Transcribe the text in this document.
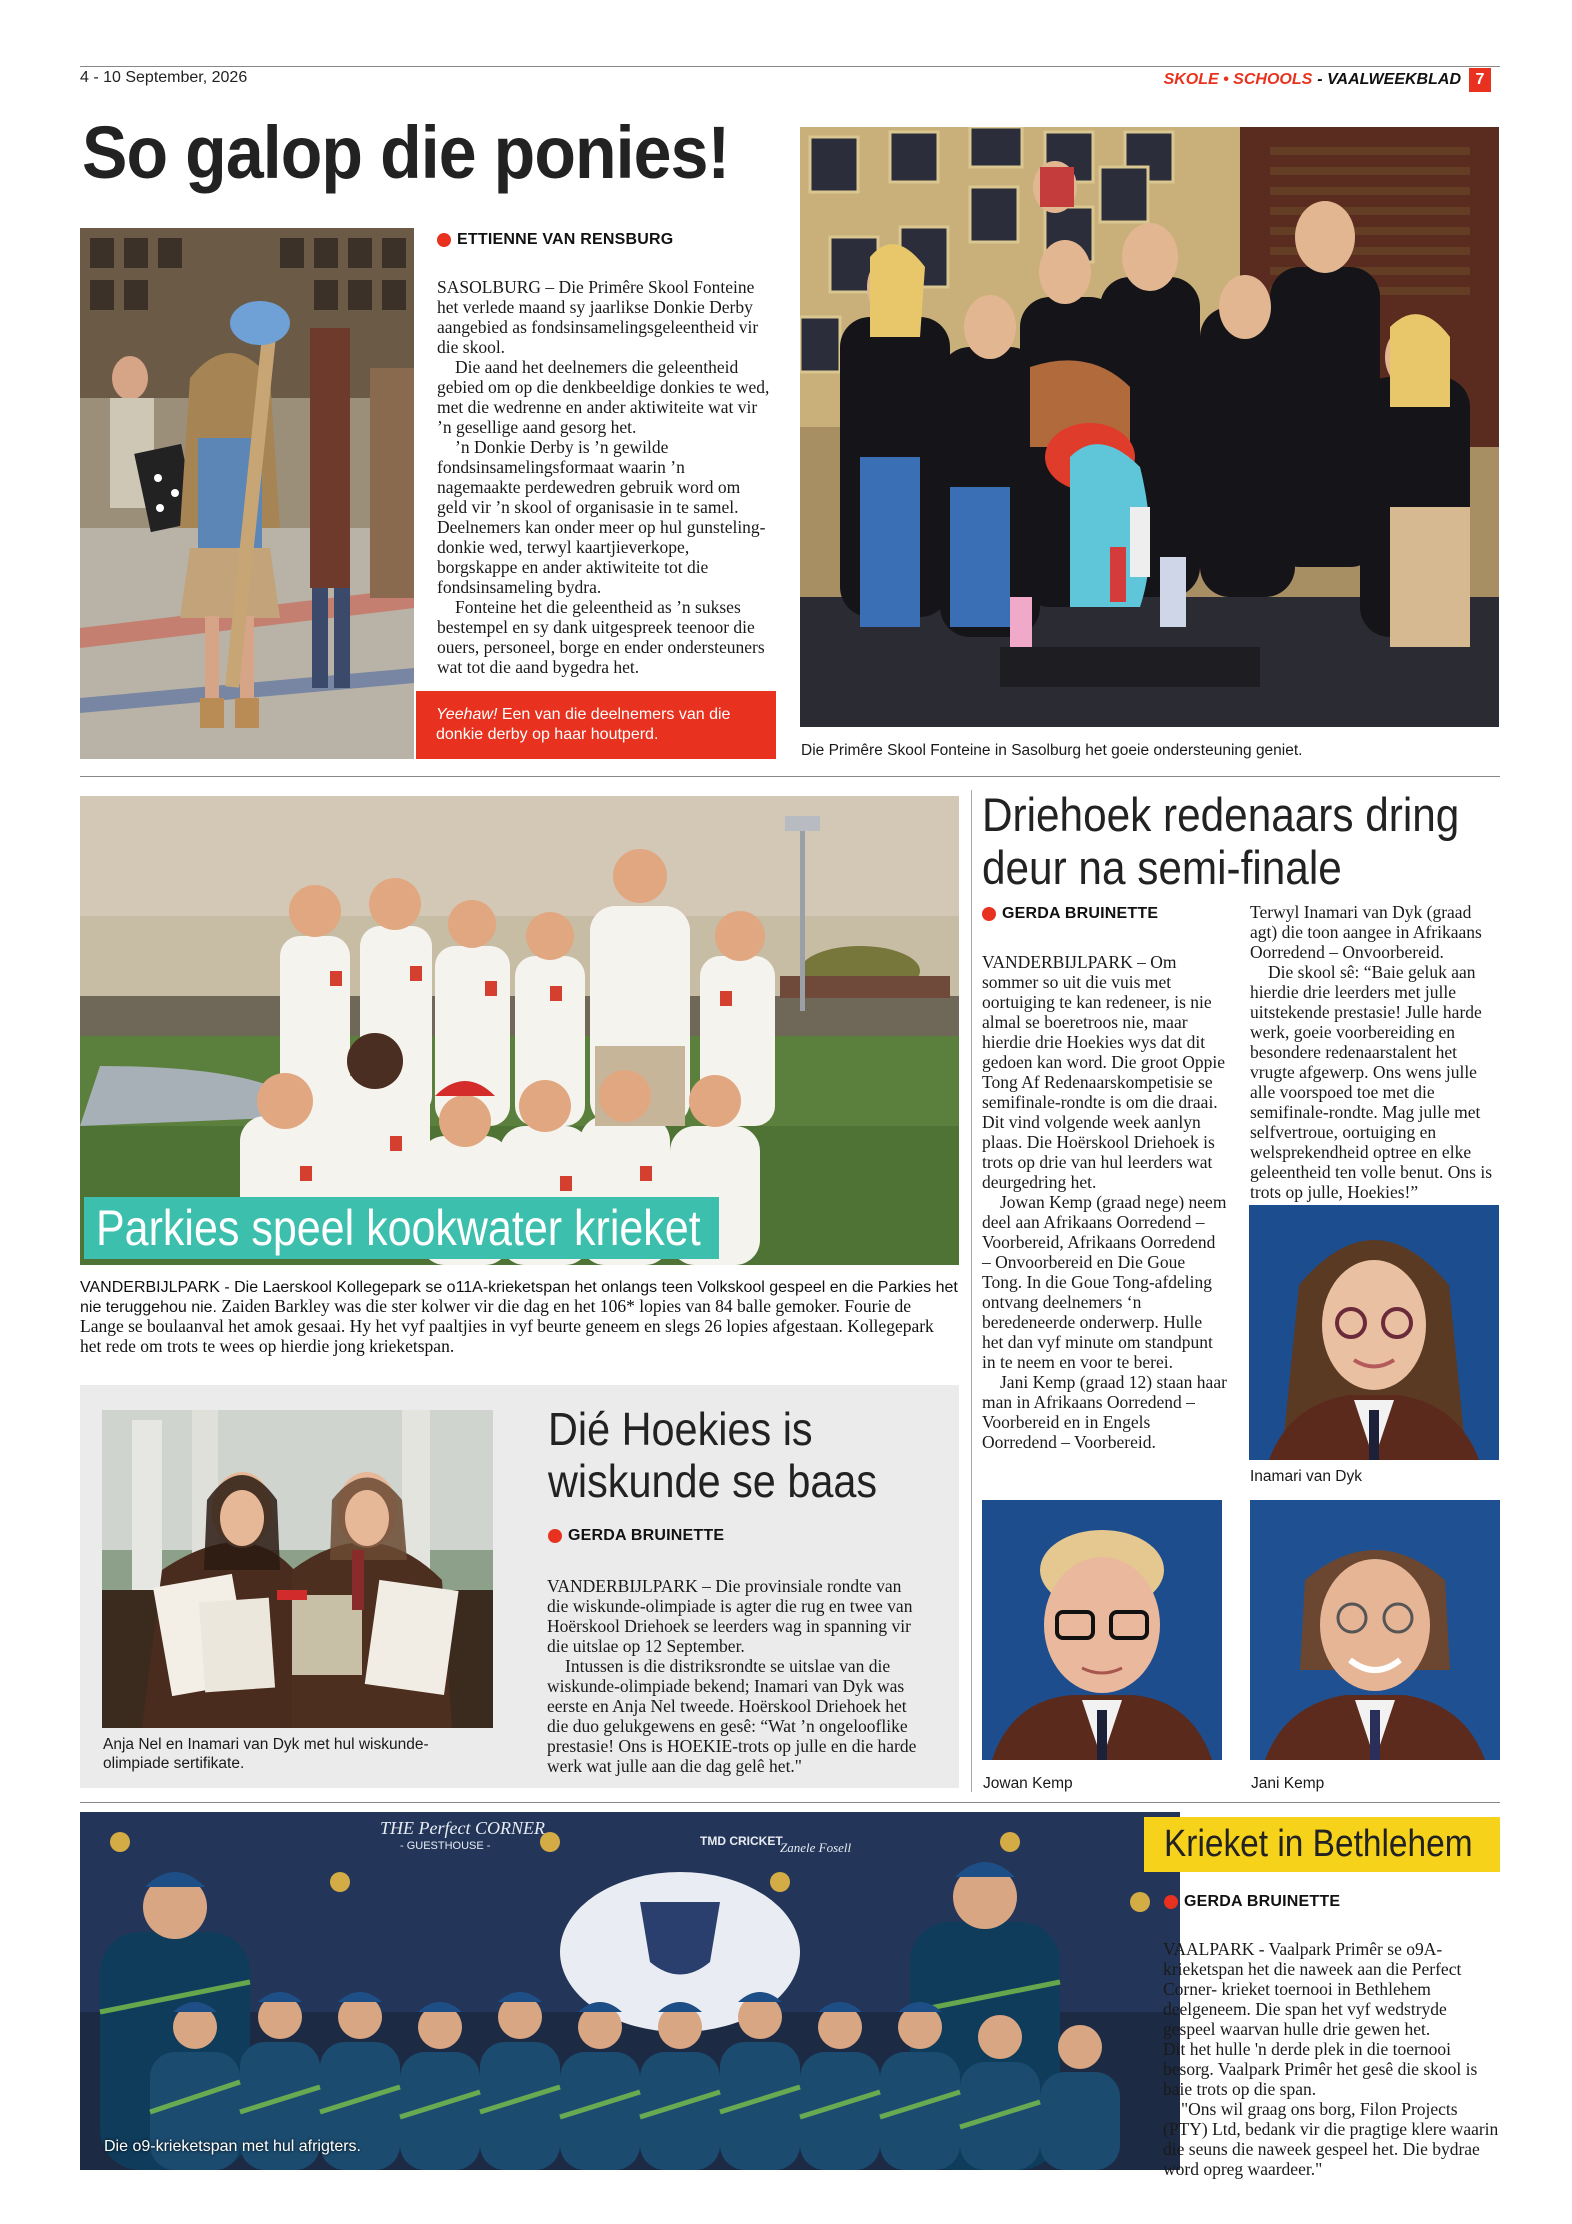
4 - 10 September, 2026	SKOLE • SCHOOLS - VAALWEEKBLAD 7
So galop die ponies!
ETTIENNE VAN RENSBURG

SASOLBURG – Die Primêre Skool Fonteine het verlede maand sy jaarlikse Donkie Derby aangebied as fondsinsamelingsgeleentheid vir die skool.

Die aand het deelnemers die geleentheid gebied om op die denkbeeldige donkies te wed, met die wedrenne en ander aktiwiteite wat vir ’n gesellige aand gesorg het.

’n Donkie Derby is ’n gewilde fondsinsamelingsformaat waarin ’n nagemaakte perdewedren gebruik word om geld vir ’n skool of organisasie in te samel. Deelnemers kan onder meer op hul gunsteling-donkie wed, terwyl kaartjieverkope, borgskappe en ander aktiwiteite tot die fondsinsameling bydra.

Fonteine het die geleentheid as ’n sukses bestempel en sy dank uitgespreek teenoor die ouers, personeel, borge en ender ondersteuners wat tot die aand bygedra het.

Yeehaw! Een van die deelnemers van die donkie derby op haar houtperd.
Die Primêre Skool Fonteine in Sasolburg het goeie ondersteuning geniet.
Parkies speel kookwater krieket
VANDERBIJLPARK - Die Laerskool Kollegepark se o11A-krieketspan het onlangs teen Volkskool gespeel en die Parkies het nie teruggehou nie. Zaiden Barkley was die ster kolwer vir die dag en het 106* lopies van 84 balle gemoker. Fourie de Lange se boulaanval het amok gesaai. Hy het vyf paaltjies in vyf beurte geneem en slegs 26 lopies afgestaan. Kollegepark het rede om trots te wees op hierdie jong krieketspan.
Anja Nel en Inamari van Dyk met hul wiskunde-olimpiade sertifikate.
Dié Hoekies is
wiskunde se baas
GERDA BRUINETTE

VANDERBIJLPARK – Die provinsiale rondte van die wiskunde-olimpiade is agter die rug en twee van Hoërskool Driehoek se leerders wag in spanning vir die uitslae op 12 September.

Intussen is die distriksrondte se uitslae van die wiskunde-olimpiade bekend; Inamari van Dyk was eerste en Anja Nel tweede. Hoërskool Driehoek het die duo gelukgewens en gesê: “Wat ’n ongelooflike prestasie! Ons is HOEKIE-trots op julle en die harde werk wat julle aan die dag gelê het."

Driehoek redenaars dring
deur na semi-finale
GERDA BRUINETTE

VANDERBIJLPARK – Om sommer so uit die vuis met oortuiging te kan redeneer, is nie almal se boeretroos nie, maar hierdie drie Hoekies wys dat dit gedoen kan word. Die groot Oppie Tong Af Redenaarskompetisie se semifinale-rondte is om die draai. Dit vind volgende week aanlyn plaas. Die Hoërskool Driehoek is trots op drie van hul leerders wat deurgedring het.

Jowan Kemp (graad nege) neem deel aan Afrikaans Oorredend – Voorbereid, Afrikaans Oorredend – Onvoorbereid en Die Goue Tong. In die Goue Tong-afdeling ontvang deelnemers ‘n beredeneerde onderwerp. Hulle het dan vyf minute om standpunt in te neem en voor te berei.

Jani Kemp (graad 12) staan haar man in Afrikaans Oorredend – Voorbereid en in Engels Oorredend – Voorbereid.

Terwyl Inamari van Dyk (graad agt) die toon aangee in Afrikaans Oorredend – Onvoorbereid.

Die skool sê: “Baie geluk aan hierdie drie leerders met julle uitstekende prestasie! Julle harde werk, goeie voorbereiding en besondere redenaarstalent het vrugte afgewerp. Ons wens julle alle voorspoed toe met die semifinale-rondte. Mag julle met selfvertroue, oortuiging en welsprekendheid optree en elke geleentheid ten volle benut. Ons is trots op julle, Hoekies!”

Inamari van Dyk
Jowan Kemp	Jani Kemp
THE Perfect CORNER
- GUESTHOUSE -	TMD CRICKET
Zanele Fosell
Die o9-krieketspan met hul afrigters.
Krieket in Bethlehem
GERDA BRUINETTE

VAALPARK - Vaalpark Primêr se o9A-krieketspan het die naweek aan die Perfect Corner- krieket toernooi in Bethlehem deelgeneem. Die span het vyf wedstryde gespeel waarvan hulle drie gewen het.

Dit het hulle 'n derde plek in die toernooi besorg. Vaalpark Primêr het gesê die skool is baie trots op die span.

"Ons wil graag ons borg, Filon Projects (PTY) Ltd, bedank vir die pragtige klere waarin die seuns die naweek gespeel het. Die bydrae word opreg waardeer."
